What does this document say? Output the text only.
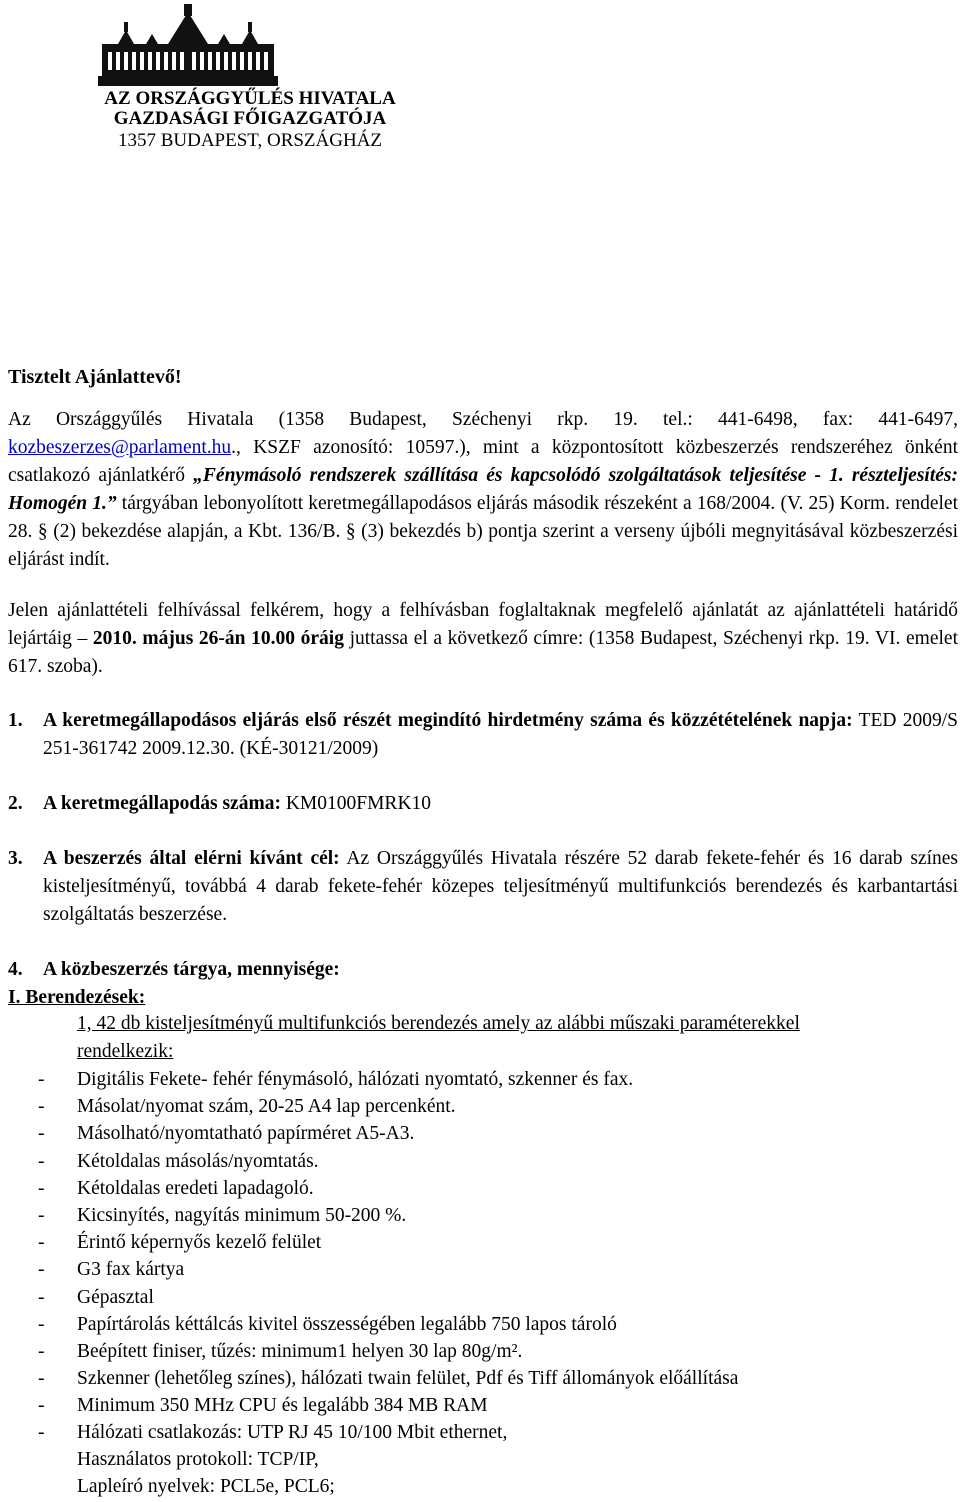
AZ ORSZÁGGYŰLÉS HIVATALA
GAZDASÁGI FŐIGAZGATÓJA
1357 BUDAPEST, ORSZÁGHÁZ
Tisztelt Ajánlattevő!
Az Országgyűlés Hivatala (1358 Budapest, Széchenyi rkp. 19. tel.: 441-6498, fax: 441-6497, kozbeszerzes@parlament.hu., KSZF azonosító: 10597.), mint a központosított közbeszerzés rendszeréhez önként csatlakozó ajánlatkérő „Fénymásoló rendszerek szállítása és kapcsolódó szolgáltatások teljesítése - 1. részteljesítés: Homogén 1.” tárgyában lebonyolított keretmegállapodásos eljárás második részeként a 168/2004. (V. 25) Korm. rendelet 28. § (2) bekezdése alapján, a Kbt. 136/B. § (3) bekezdés b) pontja szerint a verseny újbóli megnyitásával közbeszerzési eljárást indít.
Jelen ajánlattételi felhívással felkérem, hogy a felhívásban foglaltaknak megfelelő ajánlatát az ajánlattételi határidő lejártáig – 2010. május 26-án 10.00 óráig juttassa el a következő címre: (1358 Budapest, Széchenyi rkp. 19. VI. emelet 617. szoba).
1. A keretmegállapodásos eljárás első részét megindító hirdetmény száma és közzétételének napja: TED 2009/S 251-361742 2009.12.30. (KÉ-30121/2009)
2. A keretmegállapodás száma: KM0100FMRK10
3. A beszerzés által elérni kívánt cél: Az Országgyűlés Hivatala részére 52 darab fekete-fehér és 16 darab színes kisteljesítményű, továbbá 4 darab fekete-fehér közepes teljesítményű multifunkciós berendezés és karbantartási szolgáltatás beszerzése.
4. A közbeszerzés tárgya, mennyisége:
I. Berendezések:
1, 42 db kisteljesítményű multifunkciós berendezés amely az alábbi műszaki paraméterekkel rendelkezik:
- Digitális Fekete- fehér fénymásoló, hálózati nyomtató, szkenner és fax.
- Másolat/nyomat szám, 20-25 A4 lap percenként.
- Másolható/nyomtatható papírméret A5-A3.
- Kétoldalas másolás/nyomtatás.
- Kétoldalas eredeti lapadagoló.
- Kicsinyítés, nagyítás minimum 50-200 %.
- Érintő képernyős kezelő felület
- G3 fax kártya
- Gépasztal
- Papírtárolás kéttálcás kivitel összességében legalább 750 lapos tároló
- Beépített finiser, tűzés: minimum1 helyen 30 lap 80g/m².
- Szkenner (lehetőleg színes), hálózati twain felület, Pdf és Tiff állományok előállítása
- Minimum 350 MHz CPU és legalább 384 MB RAM
- Hálózati csatlakozás: UTP RJ 45 10/100 Mbit ethernet,
Használatos protokoll: TCP/IP,
Lapleíró nyelvek: PCL5e, PCL6;
